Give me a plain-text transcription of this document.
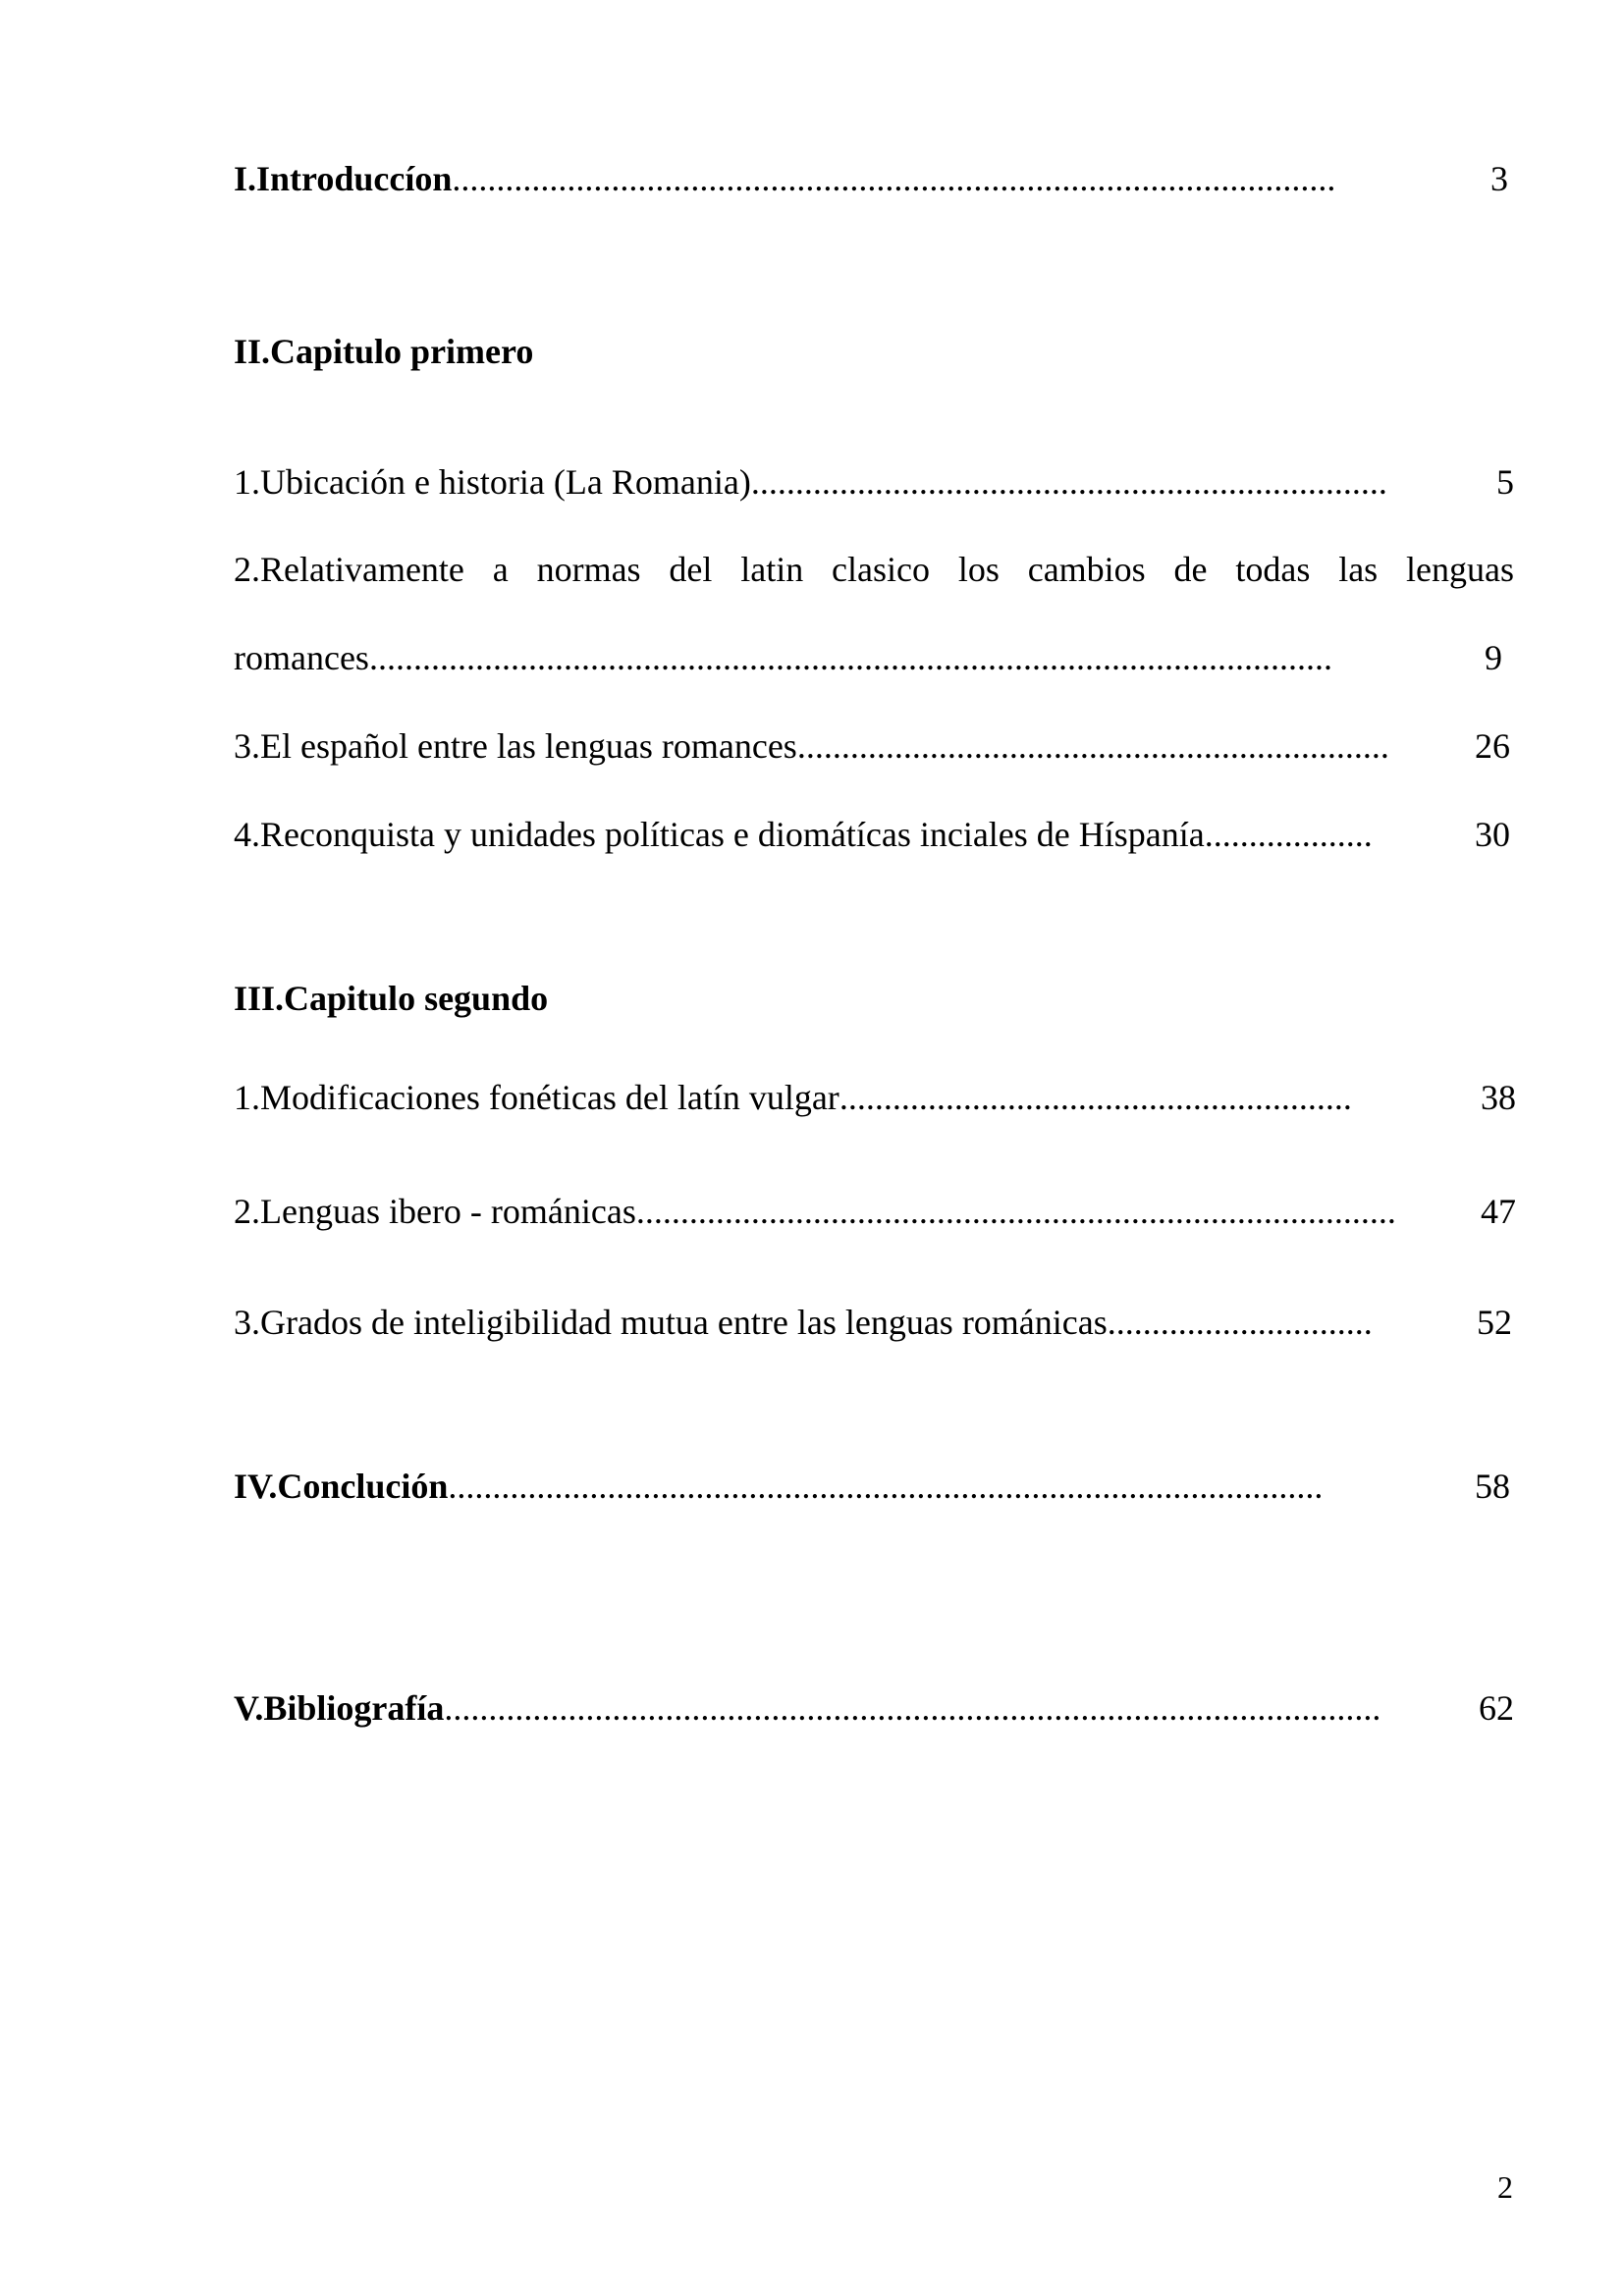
I.Introduccíon ....................................................................................................	3
II.Capitulo primero
1.Ubicación e historia (La Romania) ........................................................................	5
2.Relativamente a normas del latin clasico los cambios de todas las lenguas
romances .............................................................................................................	9
3.El español entre las lenguas romances ...................................................................	26
4.Reconquista y unidades políticas e diomátícas inciales de Híspanía ...................	30
III.Capitulo segundo
1.Modificaciones fonéticas del latín vulgar ..........................................................	38
2.Lenguas ibero - románicas ......................................................................................	47
3.Grados de inteligibilidad mutua entre las lenguas románicas ..............................	52
IV.Conclución ...................................................................................................	58
V.Bibliografía ..........................................................................................................	62
2
